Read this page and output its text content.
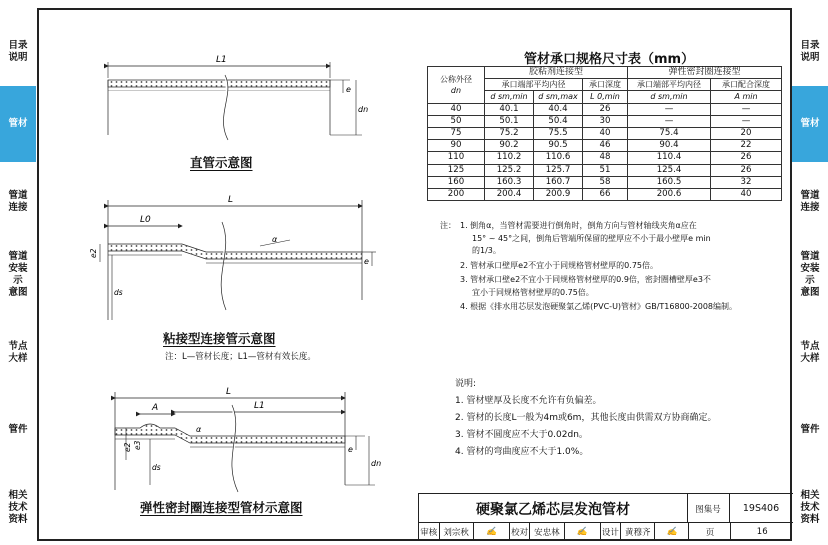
目录
说明
管材
管道
连接
管道
安装
示
意图
节点
大样
管件
相关
技术
资料
目录
说明
管材
管道
连接
管道
安装
示
意图
节点
大样
管件
相关
技术
资料
e
dn
L1
α
e2
ds
e
L0
L
α
e2 e3
ds
e
dn
A
L
L1
直管示意图
粘接型连接管示意图
注：L—管材长度；L1—管材有效长度。
弹性密封圈连接型管材示意图
管材承口规格尺寸表（mm）
公称外径
dn	胶粘剂连接型			弹性密封圈连接型	
	承口端部平均内径		承口深度	承口端部平均内径	承口配合深度
	d sm,min	d sm,max	L 0,min	d sm,min	A min
40	40.1	40.4	26	—	—
50	50.1	50.4	30	—	—
75	75.2	75.5	40	75.4	20
90	90.2	90.5	46	90.4	22
110	110.2	110.6	48	110.4	26
125	125.2	125.7	51	125.4	26
160	160.3	160.7	58	160.5	32
200	200.4	200.9	66	200.6	40
注： 1. 倒角α，当管材需要进行倒角时，倒角方向与管材轴线夹角α应在
15° ~ 45°之间，倒角后管端所保留的壁厚应不小于最小壁厚e min
的1/3。
2. 管材承口壁厚e2不宜小于同规格管材壁厚的0.75倍。
3. 管材承口壁e2不宜小于同规格管材壁厚的0.9倍，密封圈槽壁厚e3不
宜小于同规格管材壁厚的0.75倍。
4. 根据《排水用芯层发泡硬聚氯乙烯(PVC-U)管材》GB/T16800-2008编制。
说明:
1. 管材壁厚及长度不允许有负偏差。
2. 管材的长度L一般为4m或6m，其他长度由供需双方协商确定。
3. 管材不圆度应不大于0.02dn。
4. 管材的弯曲度应不大于1.0%。
硬聚氯乙烯芯层发泡管材	图集号	19S406
审核 刘宗秋	✍	校对 安忠林	✍	设计 黄穆齐	✍	页	16
